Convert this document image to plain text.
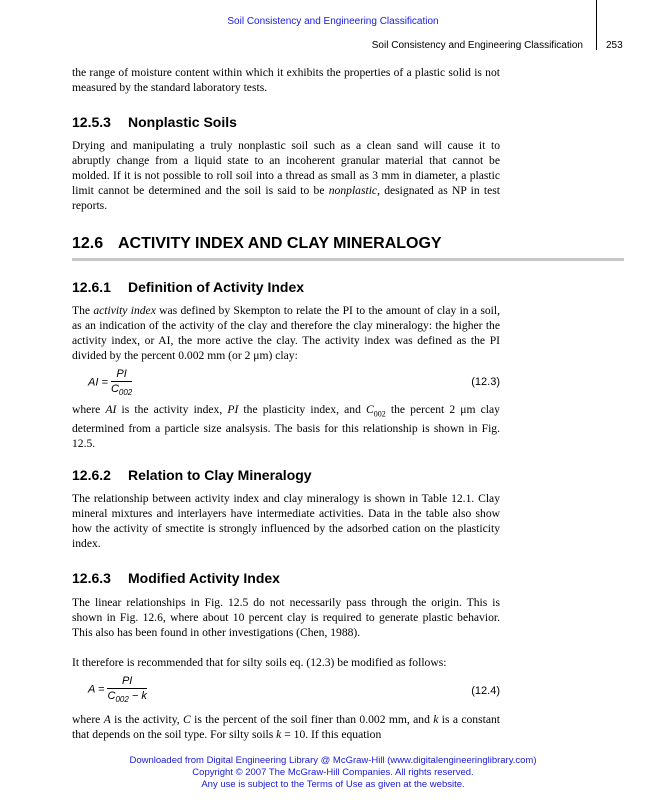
Soil Consistency and Engineering Classification
Soil Consistency and Engineering Classification 253

the range of moisture content within which it exhibits the properties of a plastic solid is not measured by the standard laboratory tests.

12.5.3 Nonplastic Soils

Drying and manipulating a truly nonplastic soil such as a clean sand will cause it to abruptly change from a liquid state to an incoherent granular material that cannot be molded. If it is not possible to roll soil into a thread as small as 3 mm in diameter, a plastic limit cannot be determined and the soil is said to be nonplastic, designated as NP in test reports.

12.6 ACTIVITY INDEX AND CLAY MINERALOGY
12.6.1 Definition of Activity Index

The activity index was defined by Skempton to relate the PI to the amount of clay in a soil, as an indication of the activity of the clay and therefore the clay mineralogy: the higher the activity index, or AI, the more active the clay. The activity index was defined as the PI divided by the percent 0.002 mm (or 2 μm) clay:

AI = $\frac{PI}{C_{002}}$	(12.3)

where AI is the activity index, PI the plasticity index, and $C_{002}$ the percent 2 μm clay determined from a particle size analsysis. The basis for this relationship is shown in Fig. 12.5.

12.6.2 Relation to Clay Mineralogy

The relationship between activity index and clay mineralogy is shown in Table 12.1. Clay mineral mixtures and interlayers have intermediate activities. Data in the table also show how the activity of smectite is strongly influenced by the adsorbed cation on the plasticity index.

12.6.3 Modified Activity Index

The linear relationships in Fig. 12.5 do not necessarily pass through the origin. This is shown in Fig. 12.6, where about 10 percent clay is required to generate plastic behavior. This also has been found in other investigations (Chen, 1988).

It therefore is recommended that for silty soils eq. (12.3) be modified as follows:

$A = \frac{PI}{C_{002} - k}$	(12.4)

where A is the activity, C is the percent of the soil finer than 0.002 mm, and k is a constant that depends on the soil type. For silty soils k = 10. If this equation

Downloaded from Digital Engineering Library @ McGraw-Hill (www.digitalengineeringlibrary.com)
Copyright © 2007 The McGraw-Hill Companies. All rights reserved.
Any use is subject to the Terms of Use as given at the website.
